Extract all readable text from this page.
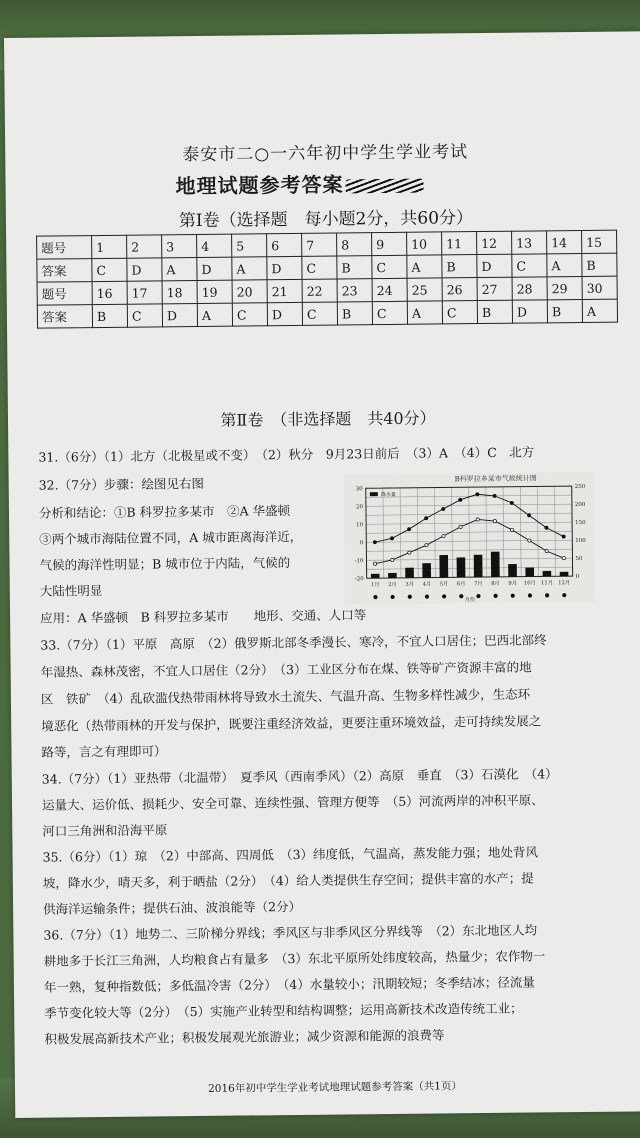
泰安市二○一六年初中学生学业考试
地理试题参考答案
第Ⅰ卷（选择题　每小题2分，共60分）
题号	1	2	3	4	5	6	7	8	9	10	11	12	13	14	15
答案	C	D	A	D	A	D	C	B	C	A	B	D	C	A	B
题号	16	17	18	19	20	21	22	23	24	25	26	27	28	29	30
答案	B	C	D	A	C	D	C	B	C	A	C	B	D	B	A
第Ⅱ卷　（非选择题　共40分）
31.（6分）（1）北方（北极星或不变）　（2）秋分　9月23日前后　（3）A　（4）C　北方
32.（7分）步骤：绘图见右图
分析和结论：①B 科罗拉多某市　②A 华盛顿
③两个城市海陆位置不同，A 城市距离海洋近，
气候的海洋性明显；B 城市位于内陆，气候的
大陆性明显
应用：A 华盛顿　B 科罗拉多某市　　地形、交通、人口等
-20
-10
0
10
20
30
0
50
100
150
200
250
降水量
1月 2月 3月 4月 5月 6月 7月 8月 9月 10月 11月 12月
月份
B科罗拉多某市气候统计图
33.（7分）（1）平原　高原　（2）俄罗斯北部冬季漫长、寒冷，不宜人口居住；巴西北部终
年湿热、森林茂密，不宜人口居住（2分）　（3）工业区分布在煤、铁等矿产资源丰富的地
区　铁矿　（4）乱砍滥伐热带雨林将导致水土流失、气温升高、生物多样性减少，生态环
境恶化（热带雨林的开发与保护，既要注重经济效益，更要注重环境效益，走可持续发展之
路等，言之有理即可）
34.（7分）（1）亚热带（北温带）　夏季风（西南季风）（2）高原　垂直　（3）石漠化　（4）
运量大、运价低、损耗少、安全可靠、连续性强、管理方便等　（5）河流两岸的冲积平原、
河口三角洲和沿海平原
35.（6分）（1）琼　（2）中部高、四周低　（3）纬度低，气温高，蒸发能力强；地处背风
坡，降水少，晴天多，利于晒盐（2分）　（4）给人类提供生存空间；提供丰富的水产；提
供海洋运输条件；提供石油、波浪能等（2分）
36.（7分）（1）地势二、三阶梯分界线；季风区与非季风区分界线等　（2）东北地区人均
耕地多于长江三角洲，人均粮食占有量多　（3）东北平原所处纬度较高，热量少；农作物一
年一熟，复种指数低；多低温冷害（2分）　（4）水量较小；汛期较短；冬季结冰；径流量
季节变化较大等（2分）　（5）实施产业转型和结构调整；运用高新技术改造传统工业；
积极发展高新技术产业；积极发展观光旅游业；减少资源和能源的浪费等
2016年初中学生学业考试地理试题参考答案（共1页）
